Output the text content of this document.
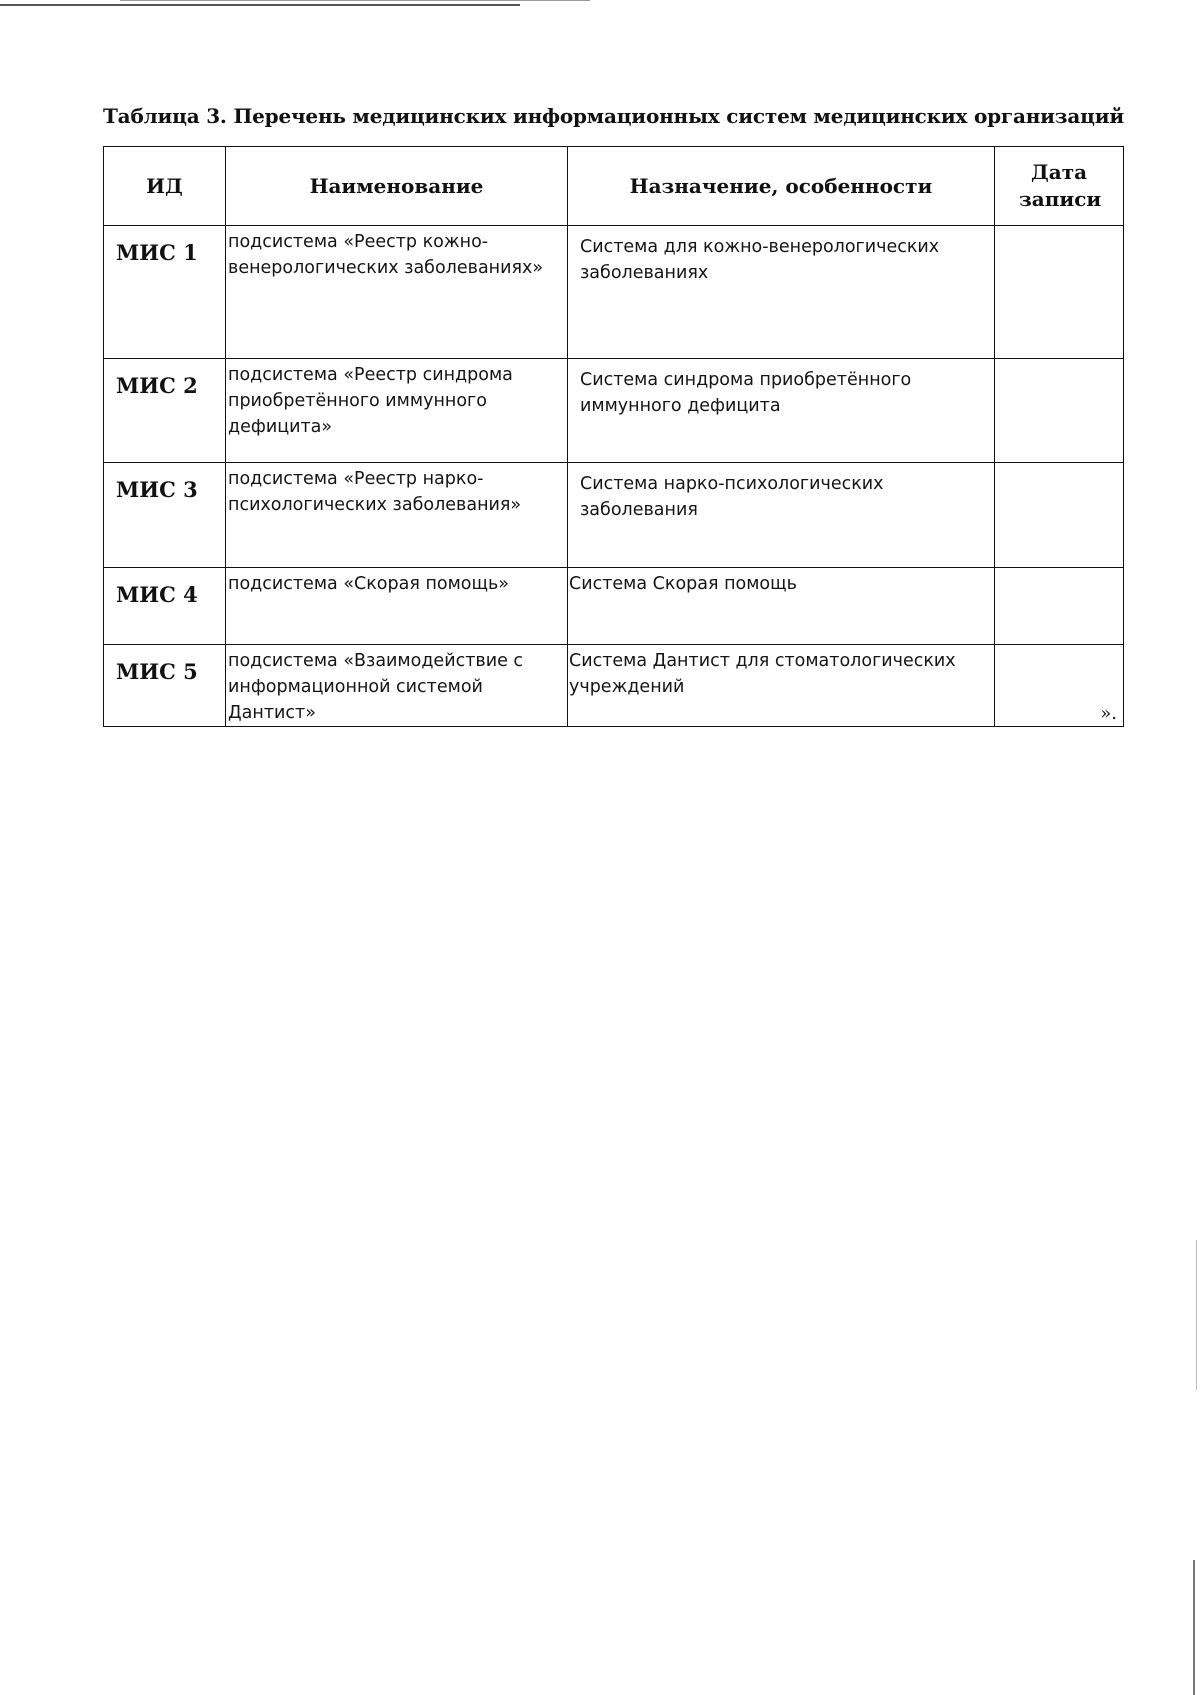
Таблица 3. Перечень медицинских информационных систем медицинских организаций
ИД	Наименование	Назначение, особенности	Дата записи
МИС 1	подсистема «Реестр кожно-венерологических заболеваниях»	Система для кожно-венерологических заболеваниях	
МИС 2	подсистема «Реестр синдрома приобретённого иммунного дефицита»	Система синдрома приобретённого иммунного дефицита	
МИС 3	подсистема «Реестр нарко-психологических заболевания»	Система нарко-психологических заболевания	
МИС 4	подсистема «Скорая помощь»	Система Скорая помощь	
МИС 5	подсистема «Взаимодействие с информационной системой Дантист»	Система Дантист для стоматологических учреждений	».
